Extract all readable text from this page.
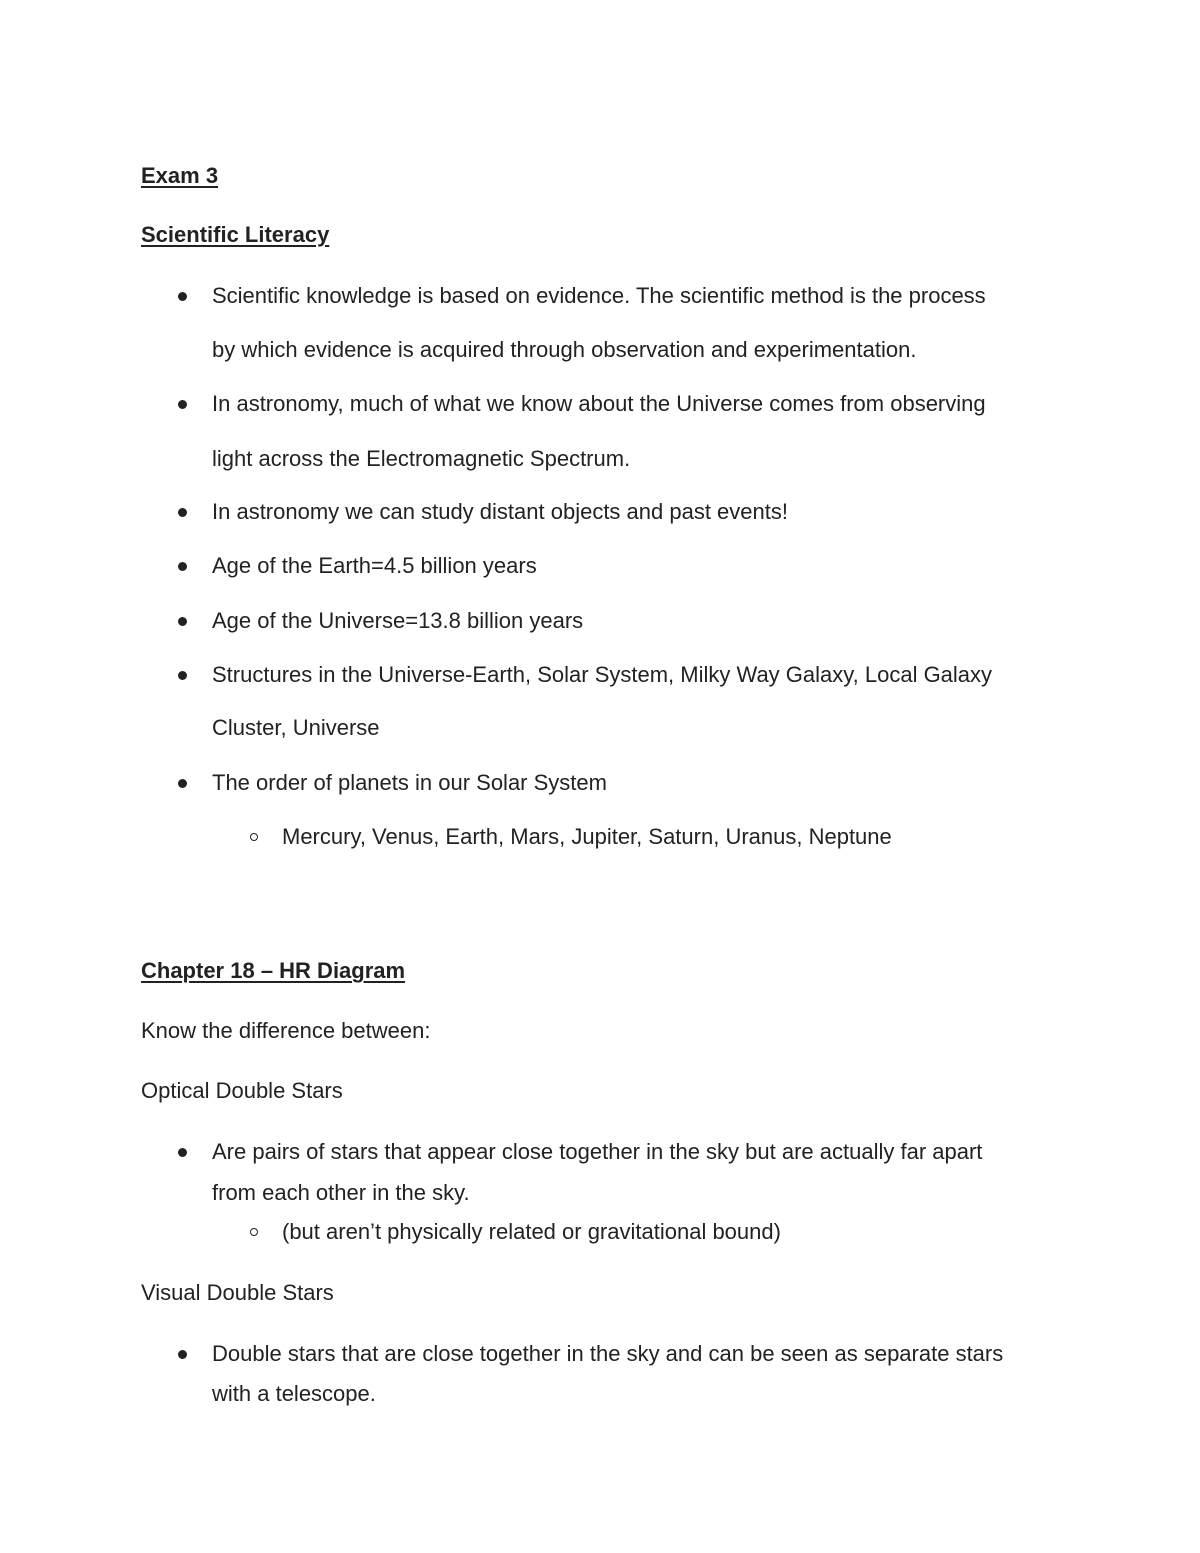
Exam 3
Scientific Literacy
Scientific knowledge is based on evidence. The scientific method is the process
by which evidence is acquired through observation and experimentation.
In astronomy, much of what we know about the Universe comes from observing
light across the Electromagnetic Spectrum.
In astronomy we can study distant objects and past events!
Age of the Earth=4.5 billion years
Age of the Universe=13.8 billion years
Structures in the Universe-Earth, Solar System, Milky Way Galaxy, Local Galaxy
Cluster, Universe
The order of planets in our Solar System
Mercury, Venus, Earth, Mars, Jupiter, Saturn, Uranus, Neptune
Chapter 18 – HR Diagram
Know the difference between:
Optical Double Stars
Are pairs of stars that appear close together in the sky but are actually far apart
from each other in the sky.
(but aren’t physically related or gravitational bound)
Visual Double Stars
Double stars that are close together in the sky and can be seen as separate stars
with a telescope.
